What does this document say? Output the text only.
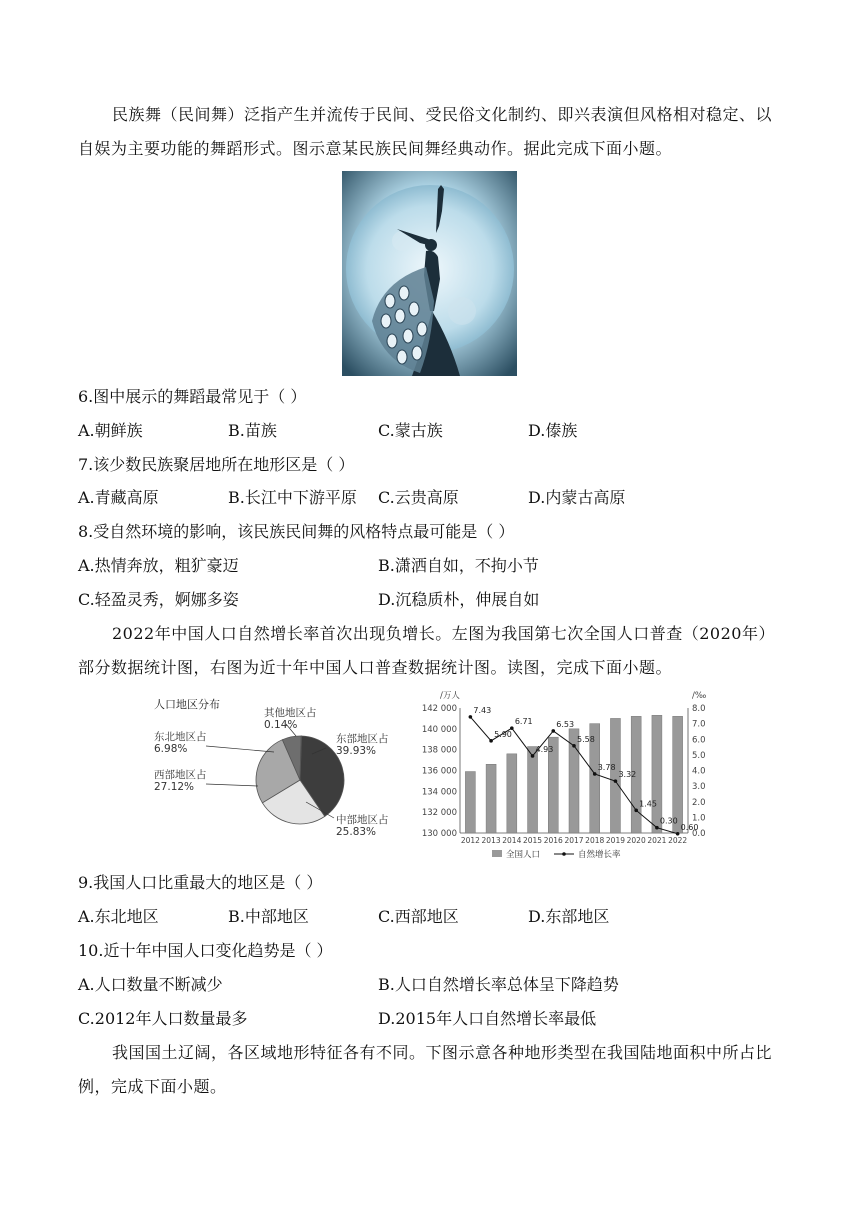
民族舞（民间舞）泛指产生并流传于民间、受民俗文化制约、即兴表演但风格相对稳定、以自娱为主要功能的舞蹈形式。图示意某民族民间舞经典动作。据此完成下面小题。
6.图中展示的舞蹈最常见于（ ）
A.朝鲜族	B.苗族	C.蒙古族	D.傣族
7.该少数民族聚居地所在地形区是（ ）
A.青藏高原	B.长江中下游平原	C.云贵高原	D.内蒙古高原
8.受自然环境的影响，该民族民间舞的风格特点最可能是（ ）
A.热情奔放，粗犷豪迈	B.潇洒自如，不拘小节
C.轻盈灵秀，婀娜多姿	D.沉稳质朴，伸展自如
2022年中国人口自然增长率首次出现负增长。左图为我国第七次全国人口普查（2020年）部分数据统计图，右图为近十年中国人口普查数据统计图。读图，完成下面小题。
人口地区分布
东部地区占
39.93%
中部地区占
25.83%
西部地区占
27.12%
东北地区占
6.98%
其他地区占
0.14%
/万人	/‰
130 000
132 000
134 000
136 000
138 000
140 000
142 000
0.0
1.0
2.0
3.0
4.0
5.0
6.0
7.0
8.0
2012 2013 2014 2015 2016 2017 2018 2019 2020 2021 2022
7.43
5.90
6.71
4.93
6.53
5.58
3.78
3.32
1.45
0.30
0.60
全国人口	自然增长率
9.我国人口比重最大的地区是（ ）
A.东北地区	B.中部地区	C.西部地区	D.东部地区
10.近十年中国人口变化趋势是（ ）
A.人口数量不断减少	B.人口自然增长率总体呈下降趋势
C.2012年人口数量最多	D.2015年人口自然增长率最低
我国国土辽阔，各区域地形特征各有不同。下图示意各种地形类型在我国陆地面积中所占比例，完成下面小题。
